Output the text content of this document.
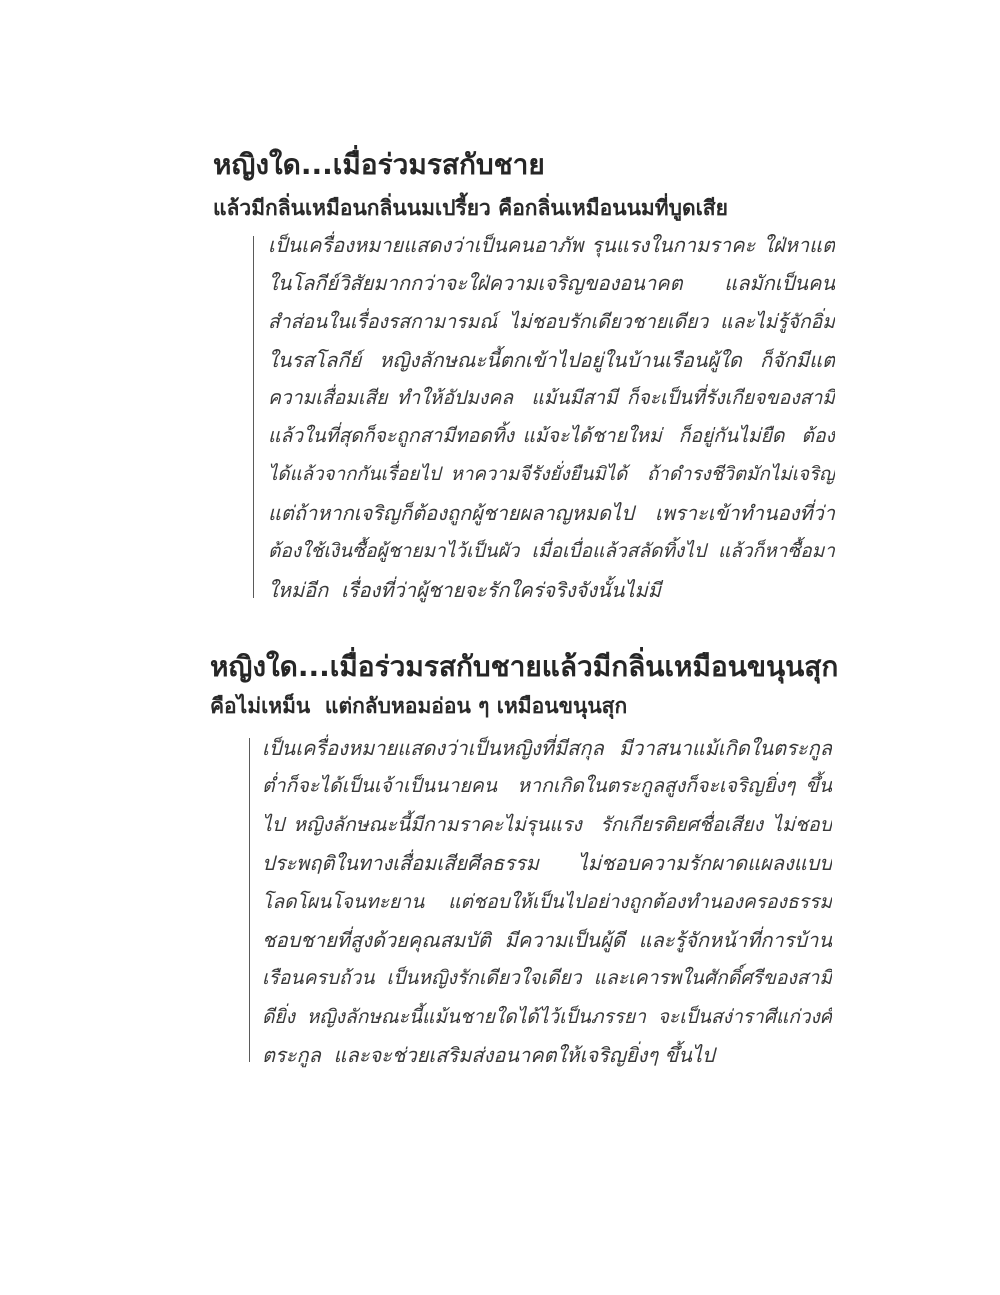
หญิงใด...เมื่อร่วมรสกับชาย
แล้วมีกลิ่นเหมือนกลิ่นนมเปรี้ยว คือกลิ่นเหมือนนมที่บูดเสีย
เป็นเครื่องหมายแสดงว่าเป็นคนอาภัพ รุนแรงในกามราคะ ใฝ่หาแต่
ในโลกีย์วิสัยมากกว่าจะใฝ่ความเจริญของอนาคต  แลมักเป็นคน
สำส่อนในเรื่องรสกามารมณ์ ไม่ชอบรักเดียวชายเดียว และไม่รู้จักอิ่ม
ในรสโลกีย์  หญิงลักษณะนี้ตกเข้าไปอยู่ในบ้านเรือนผู้ใด  ก็จักมีแต่
ความเสื่อมเสีย ทำให้อัปมงคล  แม้นมีสามี ก็จะเป็นที่รังเกียจของสามี
แล้วในที่สุดก็จะถูกสามีทอดทิ้ง แม้จะได้ชายใหม่  ก็อยู่กันไม่ยืด  ต้อง
ได้แล้วจากกันเรื่อยไป หาความจีรังยั่งยืนมิได้  ถ้าดำรงชีวิตมักไม่เจริญ
แต่ถ้าหากเจริญก็ต้องถูกผู้ชายผลาญหมดไป  เพราะเข้าทำนองที่ว่า
ต้องใช้เงินซื้อผู้ชายมาไว้เป็นผัว เมื่อเบื่อแล้วสลัดทิ้งไป แล้วก็หาซื้อมา
ใหม่อีก  เรื่องที่ว่าผู้ชายจะรักใคร่จริงจังนั้นไม่มี
หญิงใด...เมื่อร่วมรสกับชายแล้วมีกลิ่นเหมือนขนุนสุก
คือไม่เหม็น  แต่กลับหอมอ่อน ๆ เหมือนขนุนสุก
เป็นเครื่องหมายแสดงว่าเป็นหญิงที่มีสกุล  มีวาสนาแม้เกิดในตระกูล
ต่ำก็จะได้เป็นเจ้าเป็นนายคน  หากเกิดในตระกูลสูงก็จะเจริญยิ่งๆ ขึ้น
ไป หญิงลักษณะนี้มีกามราคะไม่รุนแรง  รักเกียรติยศชื่อเสียง ไม่ชอบ
ประพฤติในทางเสื่อมเสียศีลธรรม  ไม่ชอบความรักผาดแผลงแบบ
โลดโผนโจนทะยาน  แต่ชอบให้เป็นไปอย่างถูกต้องทำนองครองธรรม
ชอบชายที่สูงด้วยคุณสมบัติ  มีความเป็นผู้ดี  และรู้จักหน้าที่การบ้าน
เรือนครบถ้วน เป็นหญิงรักเดียวใจเดียว และเคารพในศักดิ์ศรีของสามี
ดียิ่ง หญิงลักษณะนี้แม้นชายใดได้ไว้เป็นภรรยา จะเป็นสง่าราศีแก่วงศ์
ตระกูล  และจะช่วยเสริมส่งอนาคตให้เจริญยิ่งๆ ขึ้นไป
